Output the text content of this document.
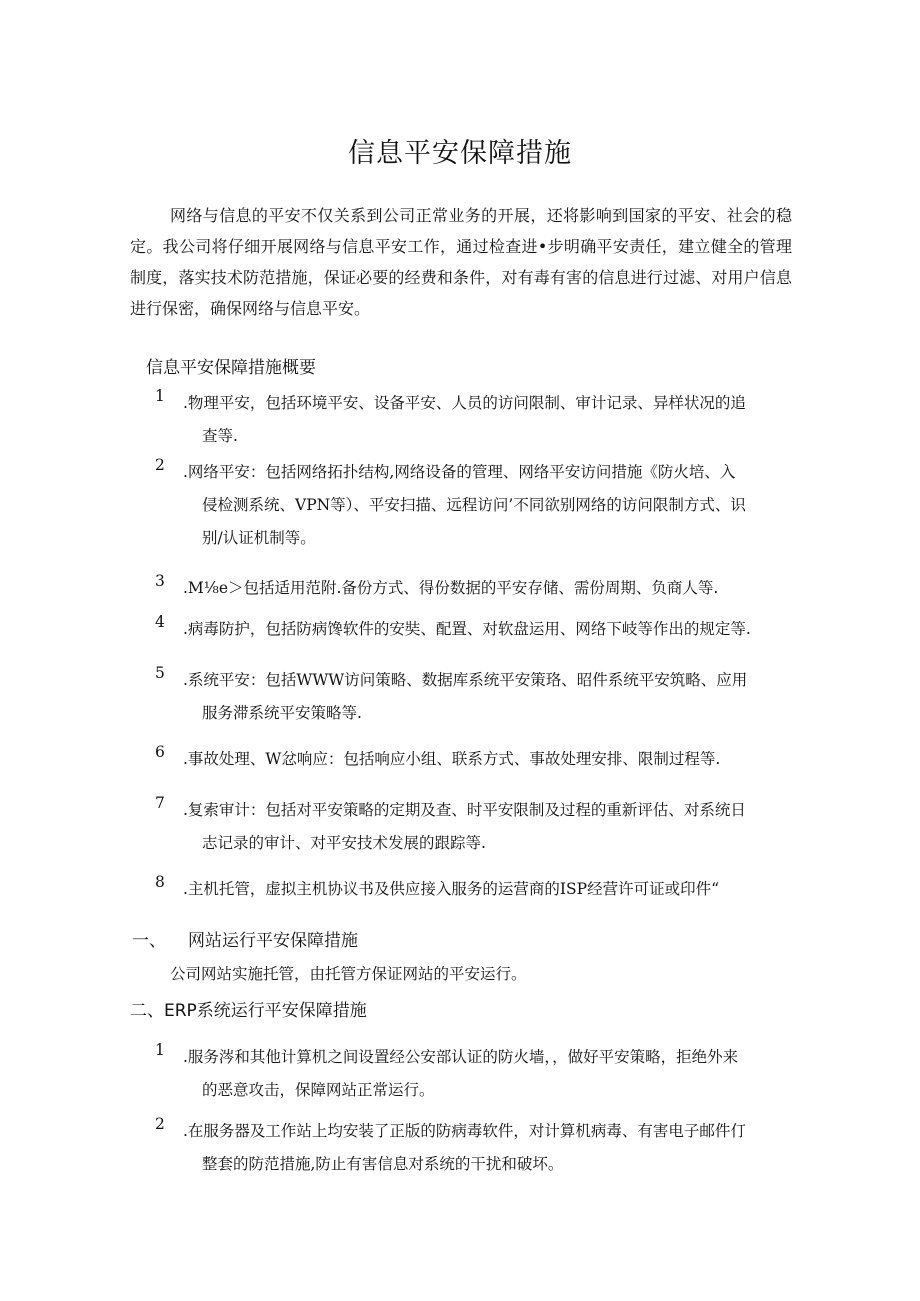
信息平安保障措施
网络与信息的平安不仅关系到公司正常业务的开展，还将影响到国家的平安、社会的稳定。我公司将仔细开展网络与信息平安工作，通过检查进•步明确平安责任，建立健全的管理制度，落实技术防范措施，保证必要的经费和条件，对有毒有害的信息进行过滤、对用户信息进行保密，确保网络与信息平安。
信息平安保障措施概要
1	.物理平安，包括环境平安、设备平安、人员的访问限制、审计记录、异样状况的追
查等.
2	.网络平安：包括网络拓扑结构,网络设备的管理、网络平安访问措施《防火培、入
侵检测系统、VPN等）、平安扫描、远程访问’不同欲别网络的访问限制方式、识
别/认证机制等。
3	.M⅛e＞包括适用范附.备份方式、得份数据的平安存储、需份周期、负商人等.
4	.病毒防护，包括防病馋软件的安奘、配置、对软盘运用、网络下岐等作出的规定等.
5	.系统平安：包括WWW访问策略、数据库系统平安策珞、昭件系统平安筑略、应用
服务滞系统平安策略等.
6	.事故处理、W忿响应：包括响应小组、联系方式、事故处理安排、限制过程等.
7	.复索审计：包括对平安策略的定期及查、时平安限制及过程的重新评估、对系统日
志记录的审计、对平安技术发展的跟踪等.
8	.主机托管，虚拟主机协议书及供应接入服务的运营商的ISP经营许可证或印件“
一、 网站运行平安保障措施
公司网站实施托管，由托管方保证网站的平安运行。
二、ERP系统运行平安保障措施
1	.服务涔和其他计算机之间设置经公安部认证的防火墙，，做好平安策略，拒绝外来
的恶意攻击，保障网站正常运行。
2	.在服务器及工作站上均安装了正版的防病毒软件，对计算机病毒、有害电子邮件仃
整套的防范措施,防止有害信息对系统的干扰和破坏。
